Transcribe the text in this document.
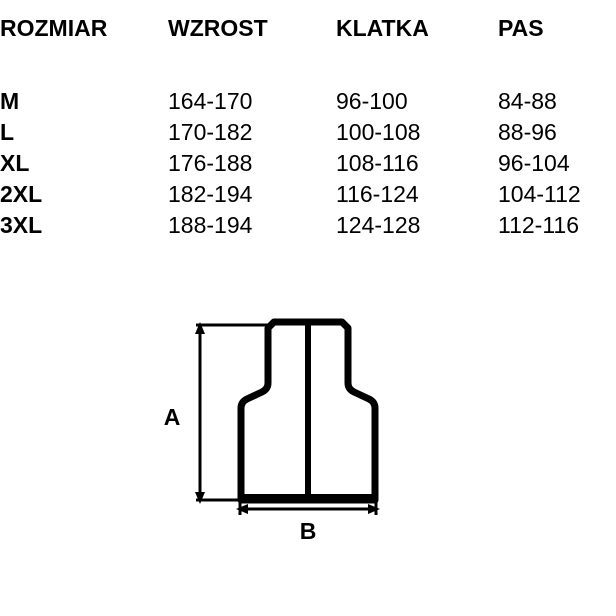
ROZMIAR	WZROST	KLATKA	PAS
M	164-170	96-100	84-88
L	170-182	100-108	88-96
XL	176-188	108-116	96-104
2XL	182-194	116-124	104-112
3XL	188-194	124-128	112-116
A
B
